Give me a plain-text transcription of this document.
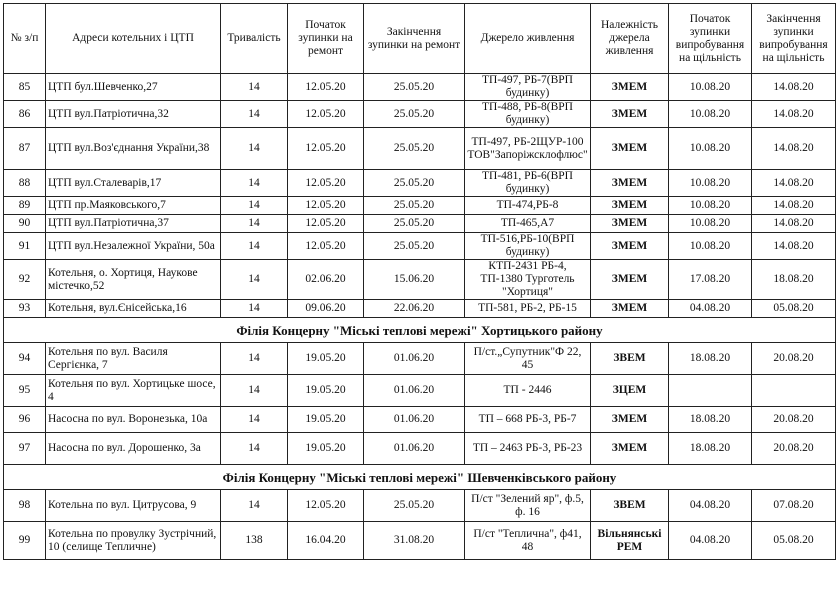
№ з/п	Адреси котельних і ЦТП	Тривалість	Початок зупинки на ремонт	Закінчення зупинки на ремонт	Джерело живлення	Належність джерела живлення	Початок зупинки випробування на щільність	Закінчення зупинки випробування на щільність
85	ЦТП бул.Шевченко,27	14	12.05.20	25.05.20	ТП-497, РБ-7(ВРП будинку)	ЗМЕМ	10.08.20	14.08.20
86	ЦТП вул.Патріотична,32	14	12.05.20	25.05.20	ТП-488, РБ-8(ВРП будинку)	ЗМЕМ	10.08.20	14.08.20
87	ЦТП вул.Воз'єднання України,38	14	12.05.20	25.05.20	ТП-497, РБ-2ЩУР-100 ТОВ"Запоріжсклофлюс"	ЗМЕМ	10.08.20	14.08.20
88	ЦТП вул.Сталеварів,17	14	12.05.20	25.05.20	ТП-481, РБ-6(ВРП будинку)	ЗМЕМ	10.08.20	14.08.20
89	ЦТП пр.Маяковського,7	14	12.05.20	25.05.20	ТП-474,РБ-8	ЗМЕМ	10.08.20	14.08.20
90	ЦТП вул.Патріотична,37	14	12.05.20	25.05.20	ТП-465,А7	ЗМЕМ	10.08.20	14.08.20
91	ЦТП вул.Незалежної України, 50а	14	12.05.20	25.05.20	ТП-516,РБ-10(ВРП будинку)	ЗМЕМ	10.08.20	14.08.20
92	Котельня, о. Хортиця, Наукове містечко,52	14	02.06.20	15.06.20	КТП-2431 РБ-4, ТП-1380 Турготель "Хортиця"	ЗМЕМ	17.08.20	18.08.20
93	Котельня, вул.Єнісейська,16	14	09.06.20	22.06.20	ТП-581, РБ-2, РБ-15	ЗМЕМ	04.08.20	05.08.20
Філія Концерну "Міські теплові мережі" Хортицького району								
94	Котельня по вул. Василя Сергієнка, 7	14	19.05.20	01.06.20	П/ст.„Супутник"Ф 22, 45	ЗВЕМ	18.08.20	20.08.20
95	Котельня по вул. Хортицьке шосе, 4	14	19.05.20	01.06.20	ТП - 2446	ЗЦЕМ		
96	Насосна по вул. Воронезька, 10а	14	19.05.20	01.06.20	ТП – 668 РБ-3, РБ-7	ЗМЕМ	18.08.20	20.08.20
97	Насосна по вул. Дорошенко, 3а	14	19.05.20	01.06.20	ТП – 2463 РБ-3, РБ-23	ЗМЕМ	18.08.20	20.08.20
Філія Концерну "Міські теплові мережі" Шевченківського району								
98	Котельна по вул. Цитрусова, 9	14	12.05.20	25.05.20	П/ст "Зелений яр", ф.5, ф. 16	ЗВЕМ	04.08.20	07.08.20
99	Котельна по провулку Зустрічний, 10 (селище Тепличне)	138	16.04.20	31.08.20	П/ст "Теплична", ф41, 48	Вільнянські РЕМ	04.08.20	05.08.20
